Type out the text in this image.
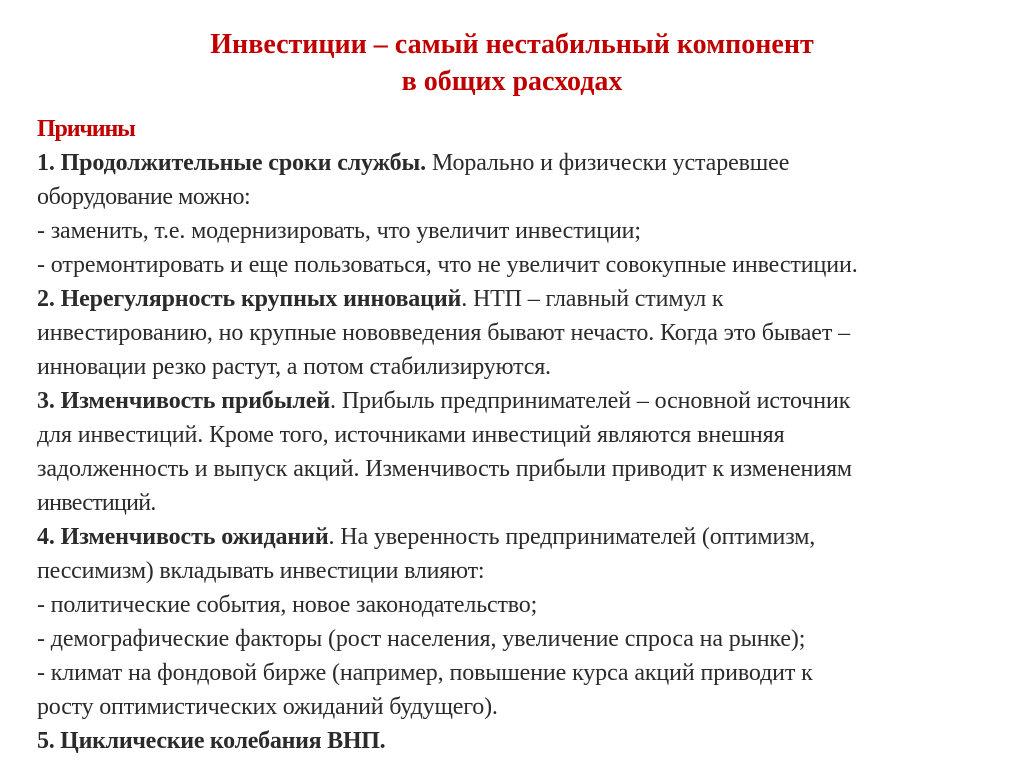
Инвестиции – самый нестабильный компонент
в общих расходах
Причины
1. Продолжительные сроки службы. Морально и физически устаревшее
оборудование можно:
- заменить, т.е. модернизировать, что увеличит инвестиции;
- отремонтировать и еще пользоваться, что не увеличит совокупные инвестиции.
2. Нерегулярность крупных инноваций. НТП – главный стимул к
инвестированию, но крупные нововведения бывают нечасто. Когда это бывает –
инновации резко растут, а потом стабилизируются.
3. Изменчивость прибылей. Прибыль предпринимателей – основной источник
для инвестиций. Кроме того, источниками инвестиций являются внешняя
задолженность и выпуск акций. Изменчивость прибыли приводит к изменениям
инвестиций.
4. Изменчивость ожиданий. На уверенность предпринимателей (оптимизм,
пессимизм) вкладывать инвестиции влияют:
- политические события, новое законодательство;
- демографические факторы (рост населения, увеличение спроса на рынке);
- климат на фондовой бирже (например, повышение курса акций приводит к
росту оптимистических ожиданий будущего).
5. Циклические колебания ВНП.
